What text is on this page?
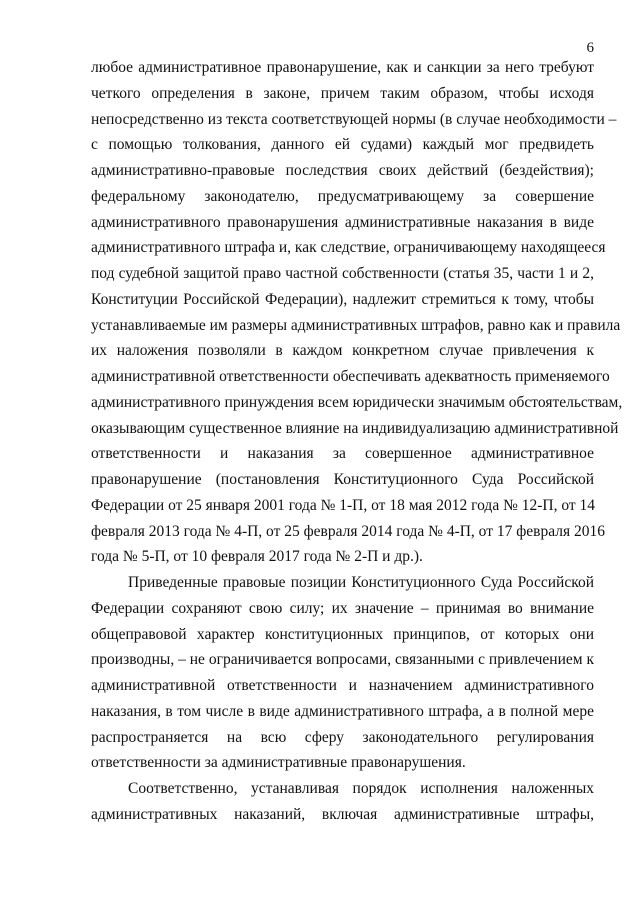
6
любое административное правонарушение, как и санкции за него требуют
четкого определения в законе, причем таким образом, чтобы исходя
непосредственно из текста соответствующей нормы (в случае необходимости –
с помощью толкования, данного ей судами) каждый мог предвидеть
административно-правовые последствия своих действий (бездействия);
федеральному законодателю, предусматривающему за совершение
административного правонарушения административные наказания в виде
административного штрафа и, как следствие, ограничивающему находящееся
под судебной защитой право частной собственности (статья 35, части 1 и 2,
Конституции Российской Федерации), надлежит стремиться к тому, чтобы
устанавливаемые им размеры административных штрафов, равно как и правила
их наложения позволяли в каждом конкретном случае привлечения к
административной ответственности обеспечивать адекватность применяемого
административного принуждения всем юридически значимым обстоятельствам,
оказывающим существенное влияние на индивидуализацию административной
ответственности и наказания за совершенное административное
правонарушение (постановления Конституционного Суда Российской
Федерации от 25 января 2001 года № 1-П, от 18 мая 2012 года № 12-П, от 14
февраля 2013 года № 4-П, от 25 февраля 2014 года № 4-П, от 17 февраля 2016
года № 5-П, от 10 февраля 2017 года № 2-П и др.).
Приведенные правовые позиции Конституционного Суда Российской
Федерации сохраняют свою силу; их значение – принимая во внимание
общеправовой характер конституционных принципов, от которых они
производны, – не ограничивается вопросами, связанными с привлечением к
административной ответственности и назначением административного
наказания, в том числе в виде административного штрафа, а в полной мере
распространяется на всю сферу законодательного регулирования
ответственности за административные правонарушения.
Соответственно, устанавливая порядок исполнения наложенных
административных наказаний, включая административные штрафы,
